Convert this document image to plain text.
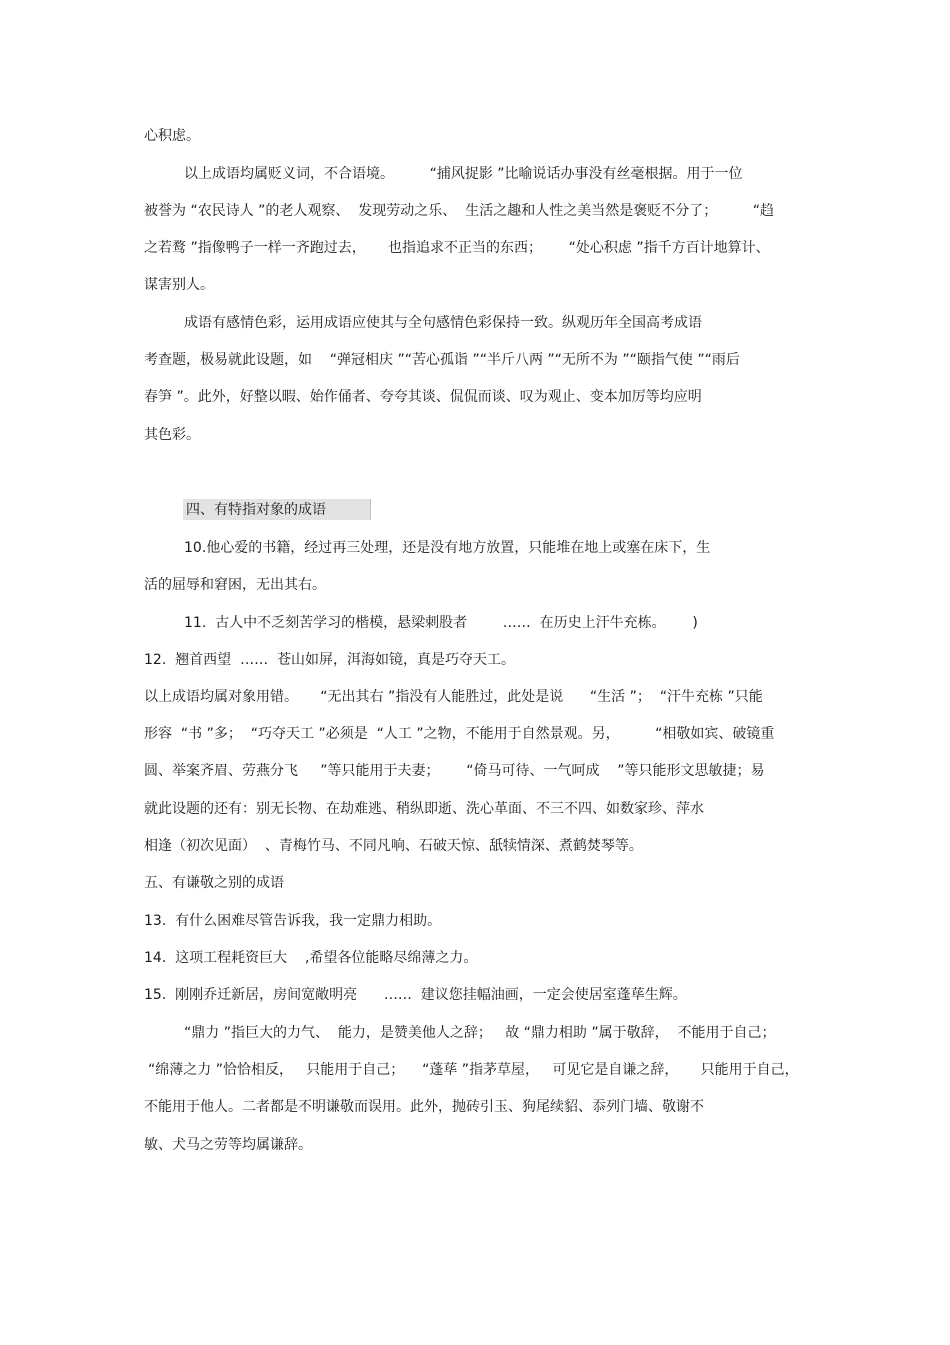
心积虑。
以上成语均属贬义词，不合语境。        “捕风捉影 ”比喻说话办事没有丝毫根据。用于一位
被誉为 “农民诗人 ”的老人观察、  发现劳动之乐、  生活之趣和人性之美当然是褒贬不分了；        “趋
之若鹜 ”指像鸭子一样一齐跑过去，     也指追求不正当的东西；      “处心积虑 ”指千方百计地算计、
谋害别人。
成语有感情色彩，运用成语应使其与全句感情色彩保持一致。纵观历年全国高考成语
考查题，极易就此设题，如    “弹冠相庆 ”“苦心孤诣 ”“半斤八两 ”“无所不为 ”“颐指气使 ”“雨后
春笋 ”。此外，好整以暇、始作俑者、夸夸其谈、侃侃而谈、叹为观止、变本加厉等均应明
其色彩。
四、有特指对象的成语
10.他心爱的书籍，经过再三处理，还是没有地方放置，只能堆在地上或塞在床下，生
活的屈辱和窘困，无出其右。
11.  古人中不乏刻苦学习的楷模，悬梁刺股者        ……  在历史上汗牛充栋。      )
12.  翘首西望  ……  苍山如屏，洱海如镜，真是巧夺天工。
以上成语均属对象用错。     “无出其右 ”指没有人能胜过，此处是说      “生活 ”；  “汗牛充栋 ”只能
形容  “书 ”多；  “巧夺天工 ”必须是  “人工 ”之物，不能用于自然景观。另，        “相敬如宾、破镜重
圆、举案齐眉、劳燕分飞     ”等只能用于夫妻；      “倚马可待、一气呵成    ”等只能形文思敏捷；易
就此设题的还有：别无长物、在劫难逃、稍纵即逝、洗心革面、不三不四、如数家珍、萍水
相逢（初次见面）  、青梅竹马、不同凡响、石破天惊、舐犊情深、煮鹤焚琴等。
五、有谦敬之别的成语
13.  有什么困难尽管告诉我，我一定鼎力相助。
14.  这项工程耗资巨大    ,希望各位能略尽绵薄之力。
15.  刚刚乔迁新居，房间宽敞明亮      ……  建议您挂幅油画，一定会使居室蓬荜生辉。
“鼎力 ”指巨大的力气、  能力，是赞美他人之辞；   故 “鼎力相助 ”属于敬辞，  不能用于自己；
“绵薄之力 ”恰恰相反，   只能用于自己；    “蓬荜 ”指茅草屋，   可见它是自谦之辞，     只能用于自己，
不能用于他人。二者都是不明谦敬而误用。此外，抛砖引玉、狗尾续貂、忝列门墙、敬谢不
敏、犬马之劳等均属谦辞。
